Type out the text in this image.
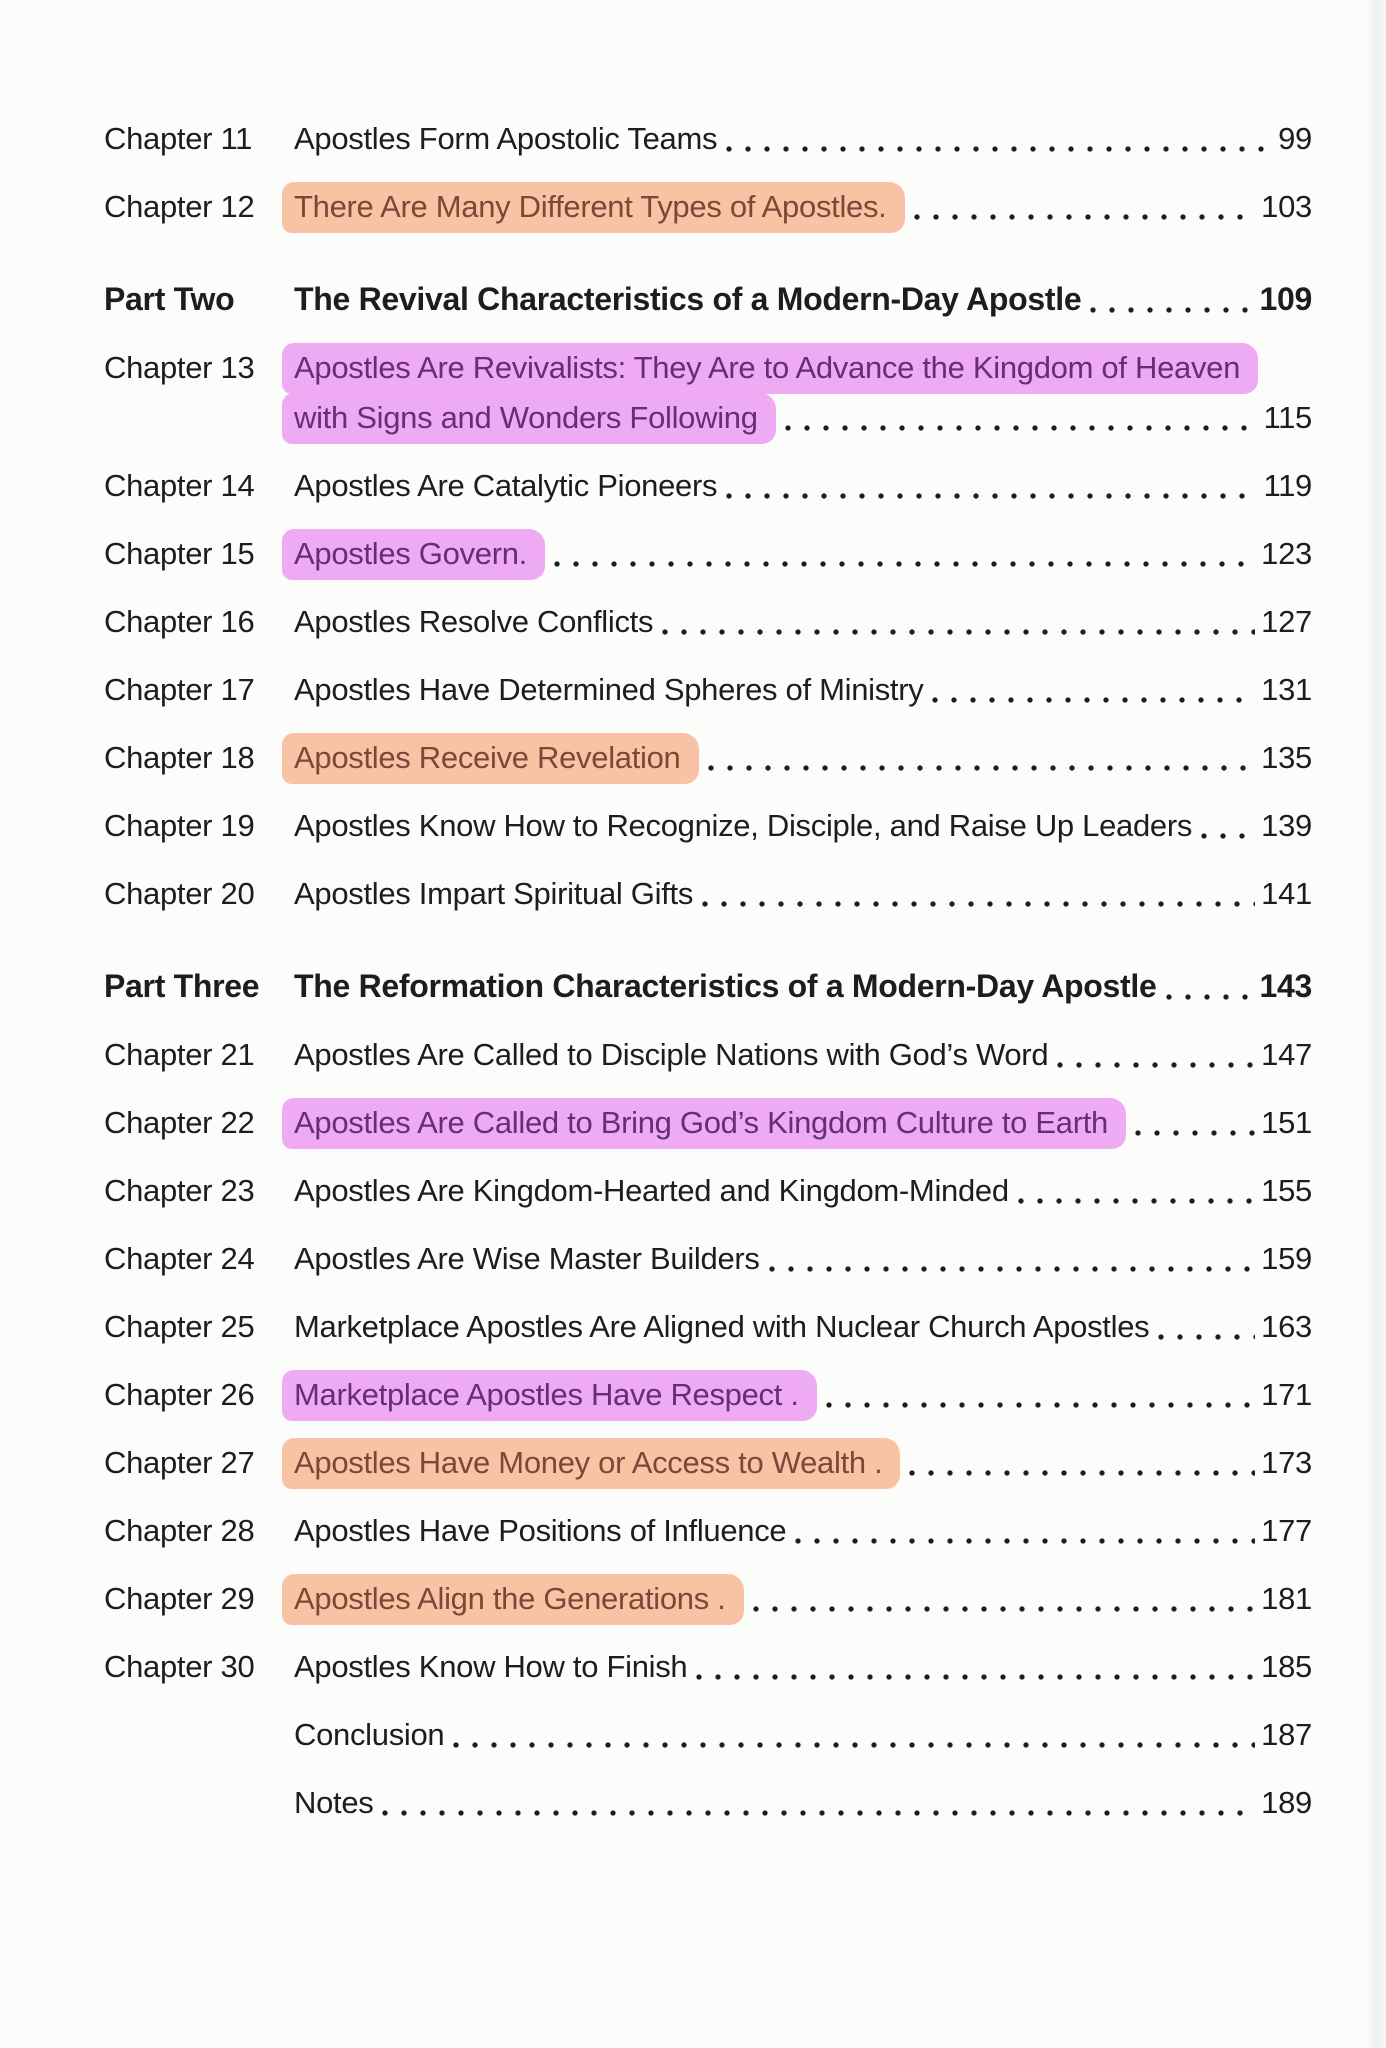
Chapter 11	Apostles Form Apostolic Teams	99
Chapter 12	There Are Many Different Types of Apostles.	103
Part Two	The Revival Characteristics of a Modern-Day Apostle	109
Chapter 13	Apostles Are Revivalists: They Are to Advance the Kingdom of Heaven
with Signs and Wonders Following	115
Chapter 14	Apostles Are Catalytic Pioneers	119
Chapter 15	Apostles Govern.	123
Chapter 16	Apostles Resolve Conflicts	127
Chapter 17	Apostles Have Determined Spheres of Ministry	131
Chapter 18	Apostles Receive Revelation	135
Chapter 19	Apostles Know How to Recognize, Disciple, and Raise Up Leaders 139
Chapter 20	Apostles Impart Spiritual Gifts	141
Part Three	The Reformation Characteristics of a Modern-Day Apostle	143
Chapter 21	Apostles Are Called to Disciple Nations with God’s Word	147
Chapter 22	Apostles Are Called to Bring God’s Kingdom Culture to Earth	151
Chapter 23	Apostles Are Kingdom-Hearted and Kingdom-Minded	155
Chapter 24	Apostles Are Wise Master Builders	159
Chapter 25	Marketplace Apostles Are Aligned with Nuclear Church Apostles	163
Chapter 26	Marketplace Apostles Have Respect .	171
Chapter 27	Apostles Have Money or Access to Wealth .	173
Chapter 28	Apostles Have Positions of Influence	177
Chapter 29	Apostles Align the Generations .	181
Chapter 30	Apostles Know How to Finish	185
Conclusion	187
Notes	189
